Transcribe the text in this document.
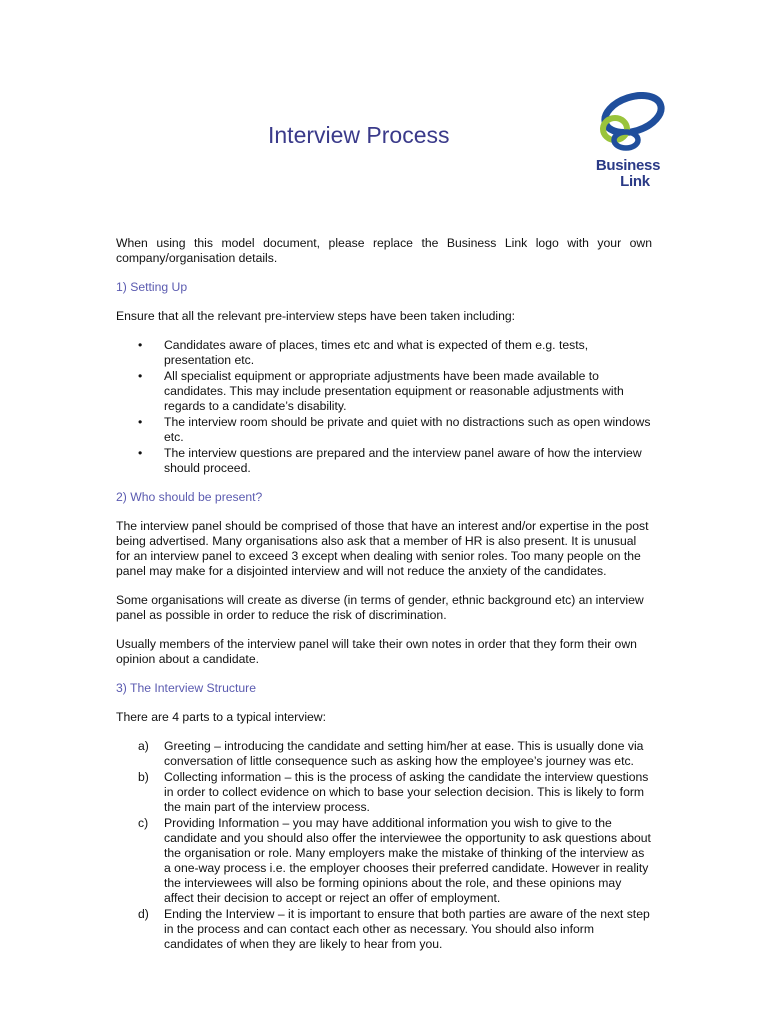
Interview Process
Business
Link

When using this model document, please replace the Business Link logo with your own company/organisation details.

1) Setting Up

Ensure that all the relevant pre-interview steps have been taken including:

• Candidates aware of places, times etc and what is expected of them e.g. tests, presentation etc.
• All specialist equipment or appropriate adjustments have been made available to candidates. This may include presentation equipment or reasonable adjustments with regards to a candidate’s disability.
• The interview room should be private and quiet with no distractions such as open windows etc.
• The interview questions are prepared and the interview panel aware of how the interview should proceed.

2) Who should be present?

The interview panel should be comprised of those that have an interest and/or expertise in the post being advertised. Many organisations also ask that a member of HR is also present. It is unusual for an interview panel to exceed 3 except when dealing with senior roles. Too many people on the panel may make for a disjointed interview and will not reduce the anxiety of the candidates.

Some organisations will create as diverse (in terms of gender, ethnic background etc) an interview panel as possible in order to reduce the risk of discrimination.

Usually members of the interview panel will take their own notes in order that they form their own opinion about a candidate.

3) The Interview Structure

There are 4 parts to a typical interview:

a) Greeting – introducing the candidate and setting him/her at ease. This is usually done via conversation of little consequence such as asking how the employee’s journey was etc.
b) Collecting information – this is the process of asking the candidate the interview questions in order to collect evidence on which to base your selection decision. This is likely to form the main part of the interview process.
c) Providing Information – you may have additional information you wish to give to the candidate and you should also offer the interviewee the opportunity to ask questions about the organisation or role. Many employers make the mistake of thinking of the interview as a one-way process i.e. the employer chooses their preferred candidate. However in reality the interviewees will also be forming opinions about the role, and these opinions may affect their decision to accept or reject an offer of employment.
d) Ending the Interview – it is important to ensure that both parties are aware of the next step in the process and can contact each other as necessary. You should also inform candidates of when they are likely to hear from you.
